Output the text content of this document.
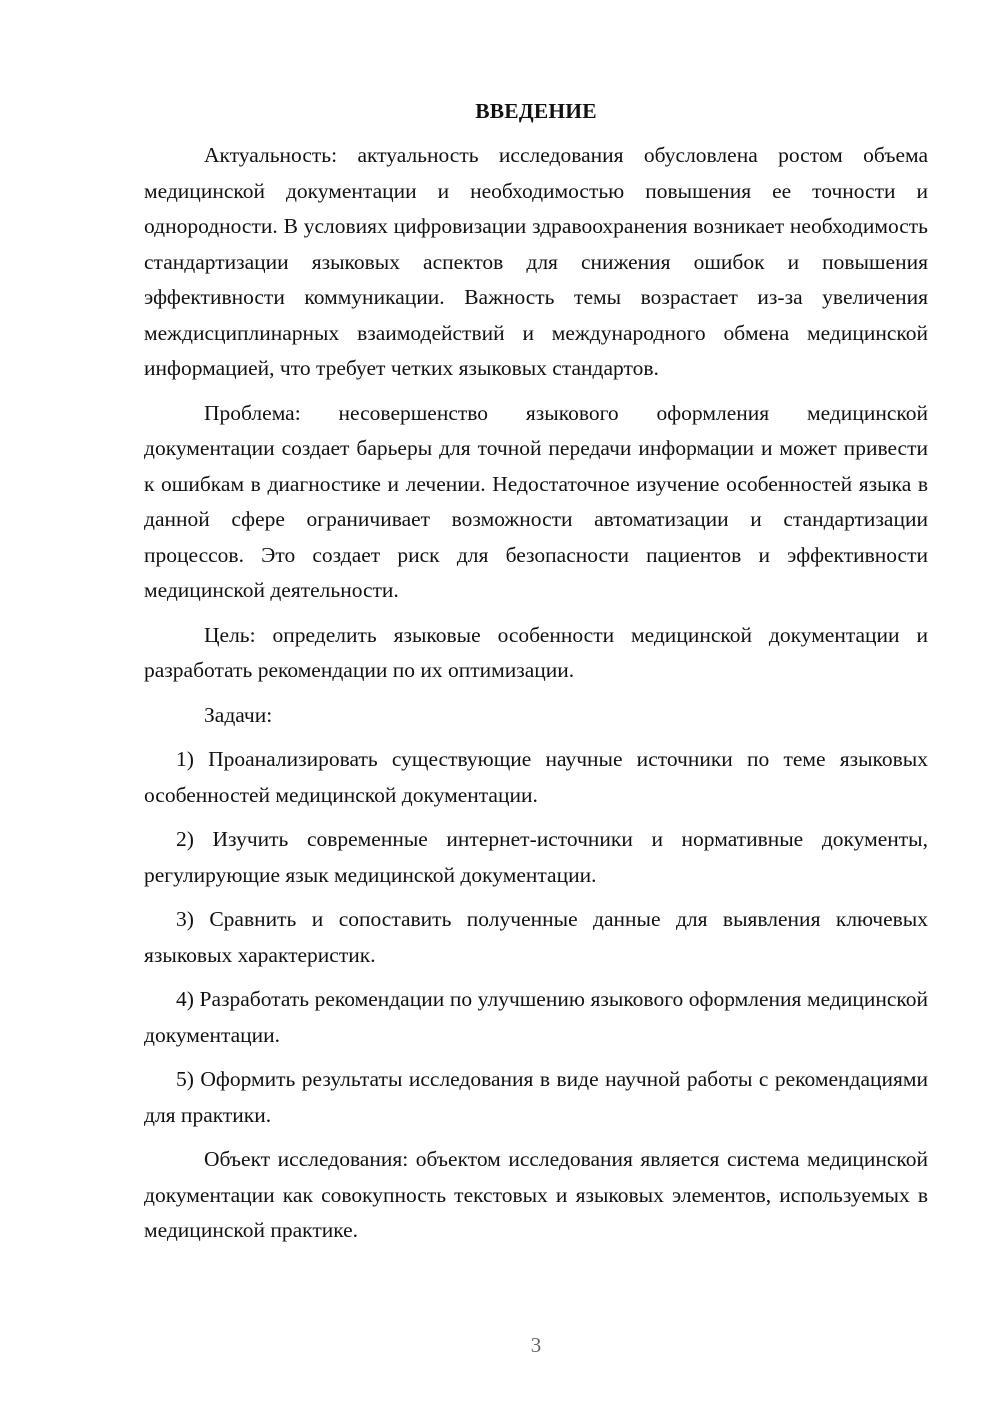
ВВЕДЕНИЕ

Актуальность: актуальность исследования обусловлена ростом объема медицинской документации и необходимостью повышения ее точности и однородности. В условиях цифровизации здравоохранения возникает необходимость стандартизации языковых аспектов для снижения ошибок и повышения эффективности коммуникации. Важность темы возрастает из-за увеличения междисциплинарных взаимодействий и международного обмена медицинской информацией, что требует четких языковых стандартов.

Проблема: несовершенство языкового оформления медицинской документации создает барьеры для точной передачи информации и может привести к ошибкам в диагностике и лечении. Недостаточное изучение особенностей языка в данной сфере ограничивает возможности автоматизации и стандартизации процессов. Это создает риск для безопасности пациентов и эффективности медицинской деятельности.

Цель: определить языковые особенности медицинской документации и разработать рекомендации по их оптимизации.

Задачи:

1) Проанализировать существующие научные источники по теме языковых особенностей медицинской документации.

2) Изучить современные интернет-источники и нормативные документы, регулирующие язык медицинской документации.

3) Сравнить и сопоставить полученные данные для выявления ключевых языковых характеристик.

4) Разработать рекомендации по улучшению языкового оформления медицинской документации.

5) Оформить результаты исследования в виде научной работы с рекомендациями для практики.

Объект исследования: объектом исследования является система медицинской документации как совокупность текстовых и языковых элементов, используемых в медицинской практике.

3
